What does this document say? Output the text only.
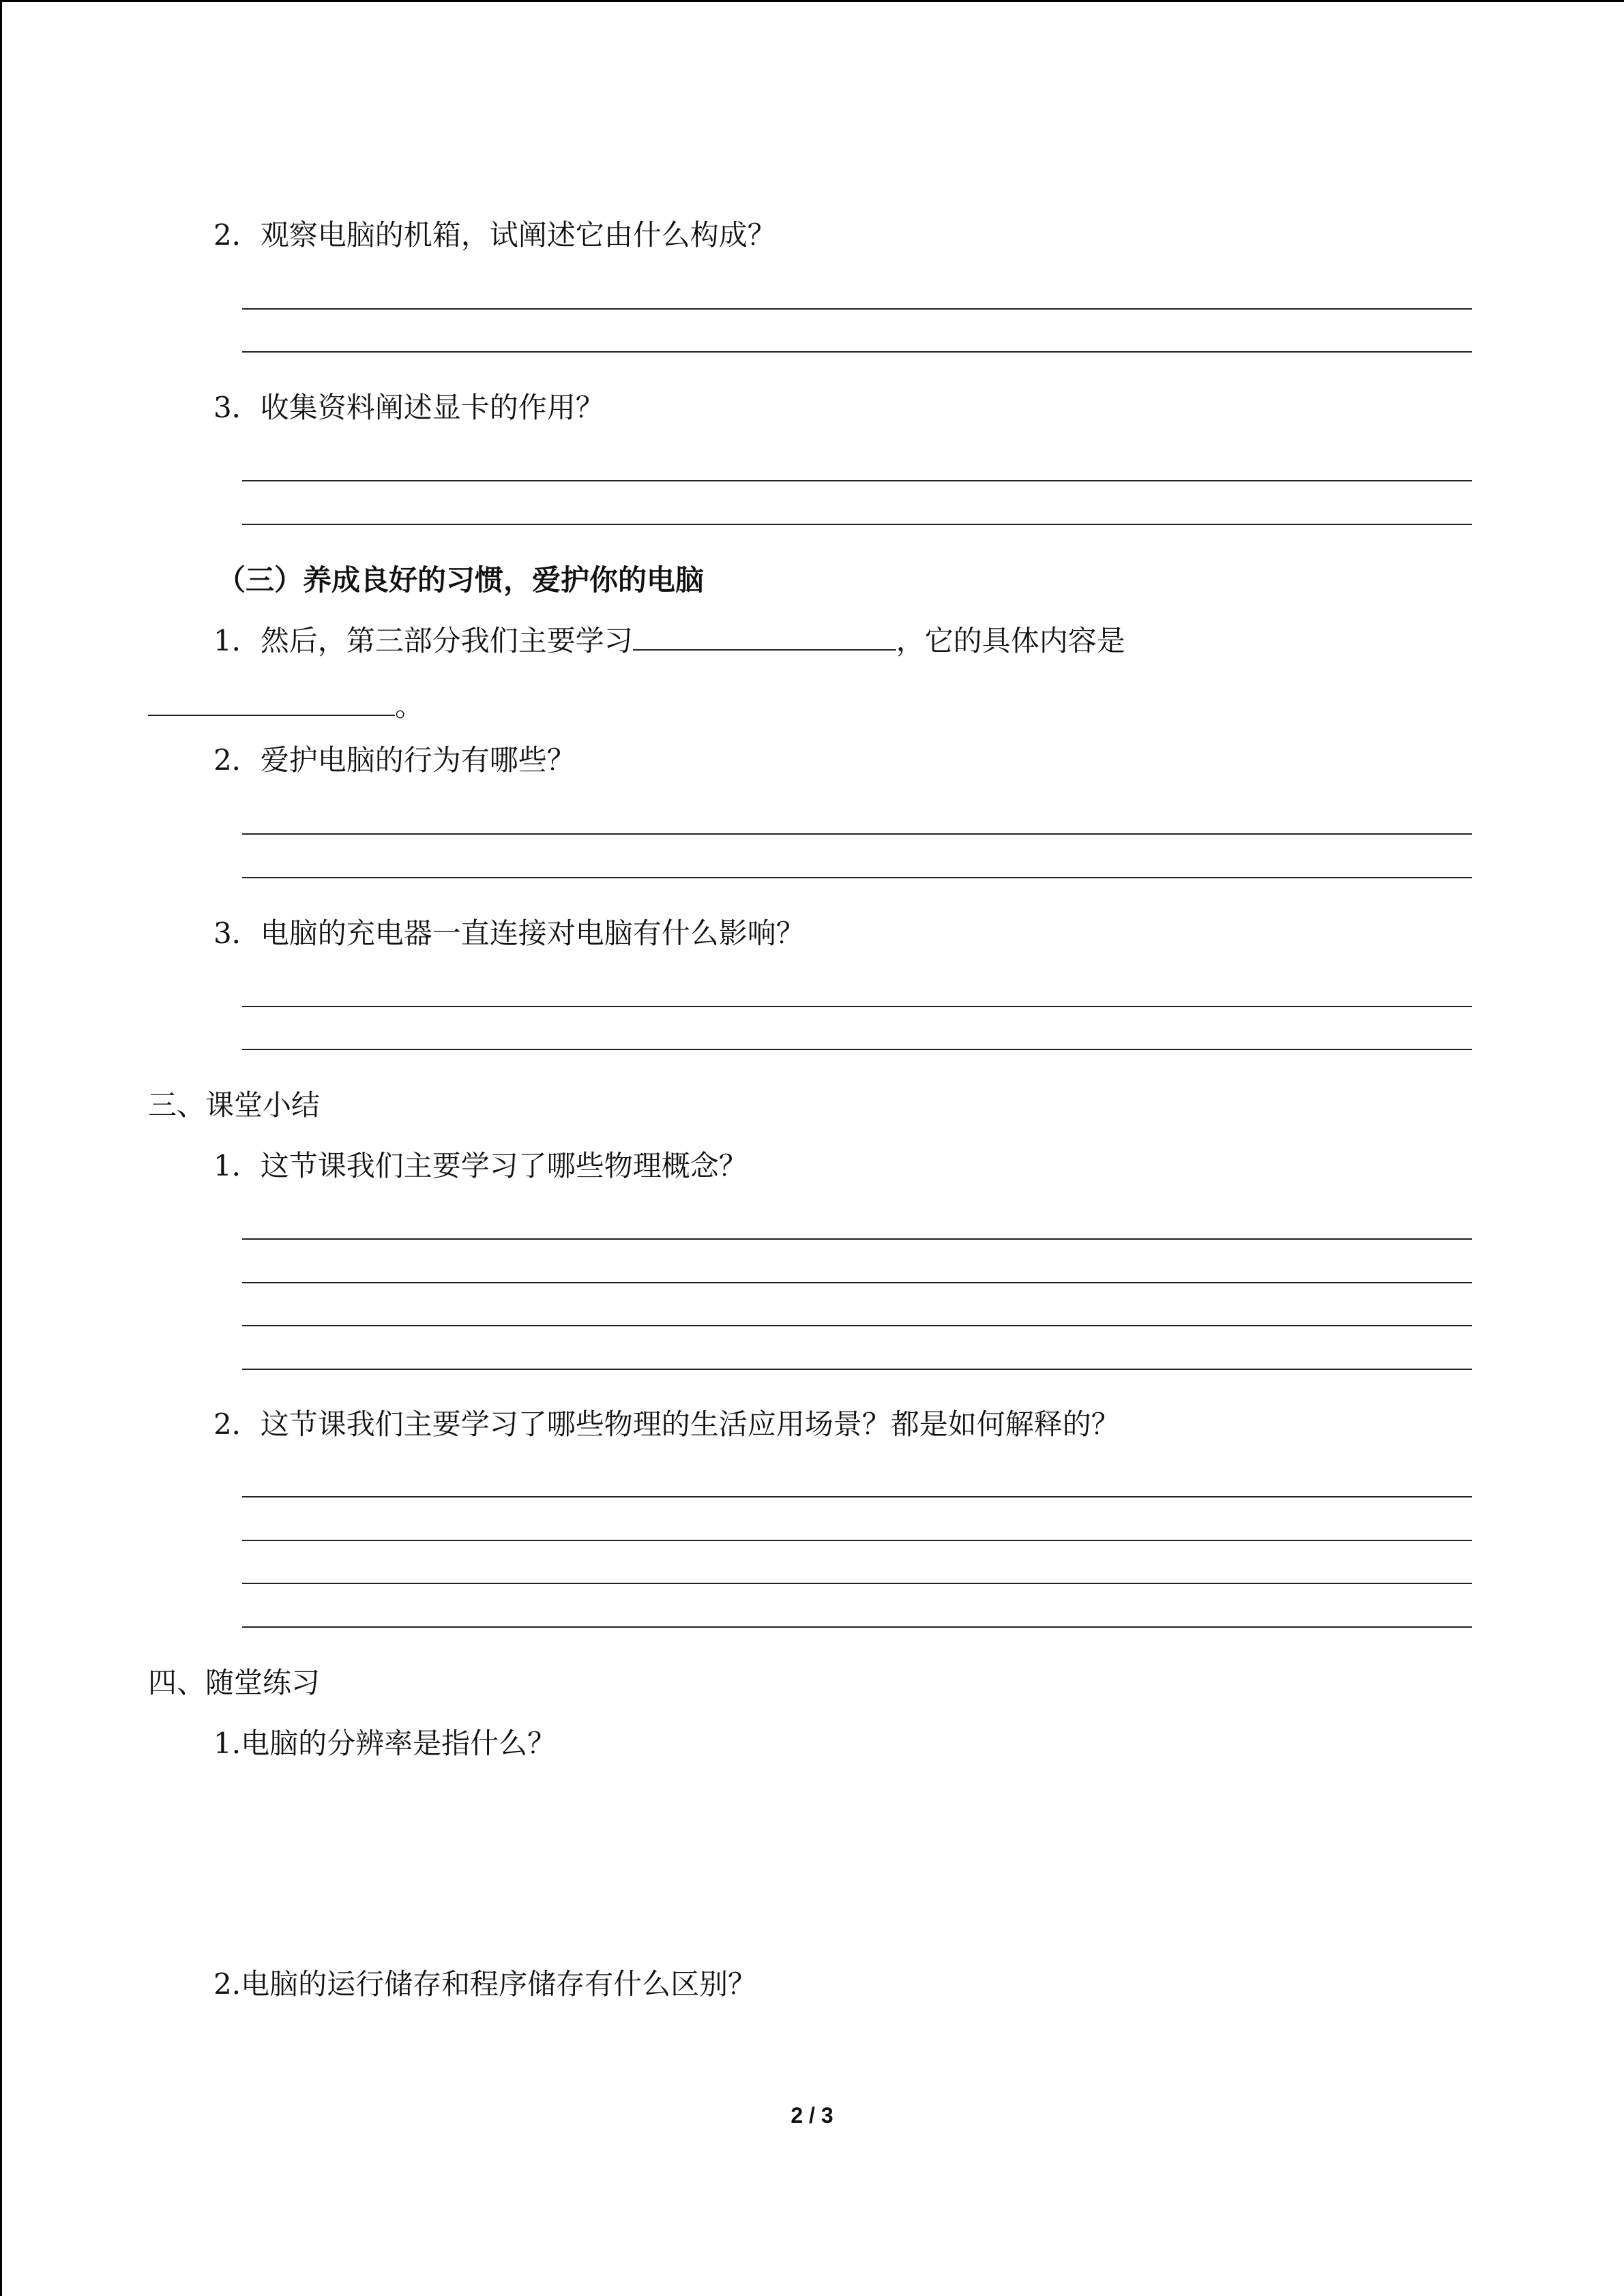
2．观察电脑的机箱，试阐述它由什么构成？
3．收集资料阐述显卡的作用？
（三）养成良好的习惯，爱护你的电脑
1．然后，第三部分我们主要学习	，它的具体内容是
。
2．爱护电脑的行为有哪些？
3．电脑的充电器一直连接对电脑有什么影响？
三、课堂小结
1．这节课我们主要学习了哪些物理概念？
2．这节课我们主要学习了哪些物理的生活应用场景？都是如何解释的？
四、随堂练习
1.电脑的分辨率是指什么？
2.电脑的运行储存和程序储存有什么区别？
2 / 3
